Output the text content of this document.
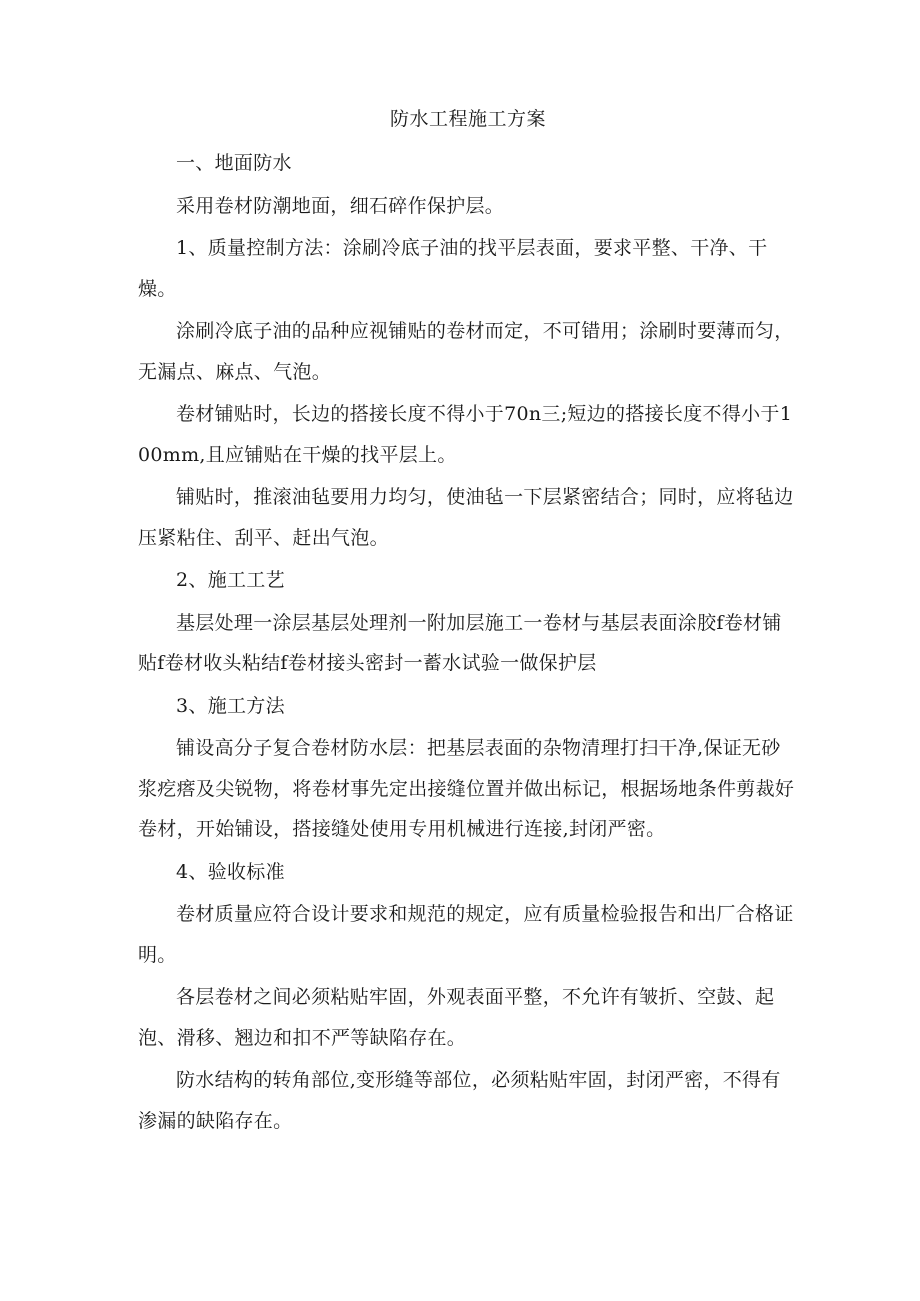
防水工程施工方案

一、地面防水

采用卷材防潮地面，细石碎作保护层。

1、质量控制方法：涂刷冷底子油的找平层表面，要求平整、干净、干燥。

涂刷冷底子油的品种应视铺贴的卷材而定，不可错用；涂刷时要薄而匀，无漏点、麻点、气泡。

卷材铺贴时，长边的搭接长度不得小于70n三;短边的搭接长度不得小于100mm,且应铺贴在干燥的找平层上。

铺贴时，推滚油毡要用力均匀，使油毡一下层紧密结合；同时，应将毡边压紧粘住、刮平、赶出气泡。

2、施工工艺

基层处理一涂层基层处理剂一附加层施工一卷材与基层表面涂胶f卷材铺贴f卷材收头粘结f卷材接头密封一蓄水试验一做保护层

3、施工方法

铺设高分子复合卷材防水层：把基层表面的杂物清理打扫干净,保证无砂浆疙瘩及尖锐物，将卷材事先定出接缝位置并做出标记，根据场地条件剪裁好卷材，开始铺设，搭接缝处使用专用机械进行连接,封闭严密。

4、验收标准

卷材质量应符合设计要求和规范的规定，应有质量检验报告和出厂合格证明。

各层卷材之间必须粘贴牢固，外观表面平整，不允许有皱折、空鼓、起泡、滑移、翘边和扣不严等缺陷存在。

防水结构的转角部位,变形缝等部位，必须粘贴牢固，封闭严密，不得有渗漏的缺陷存在。
